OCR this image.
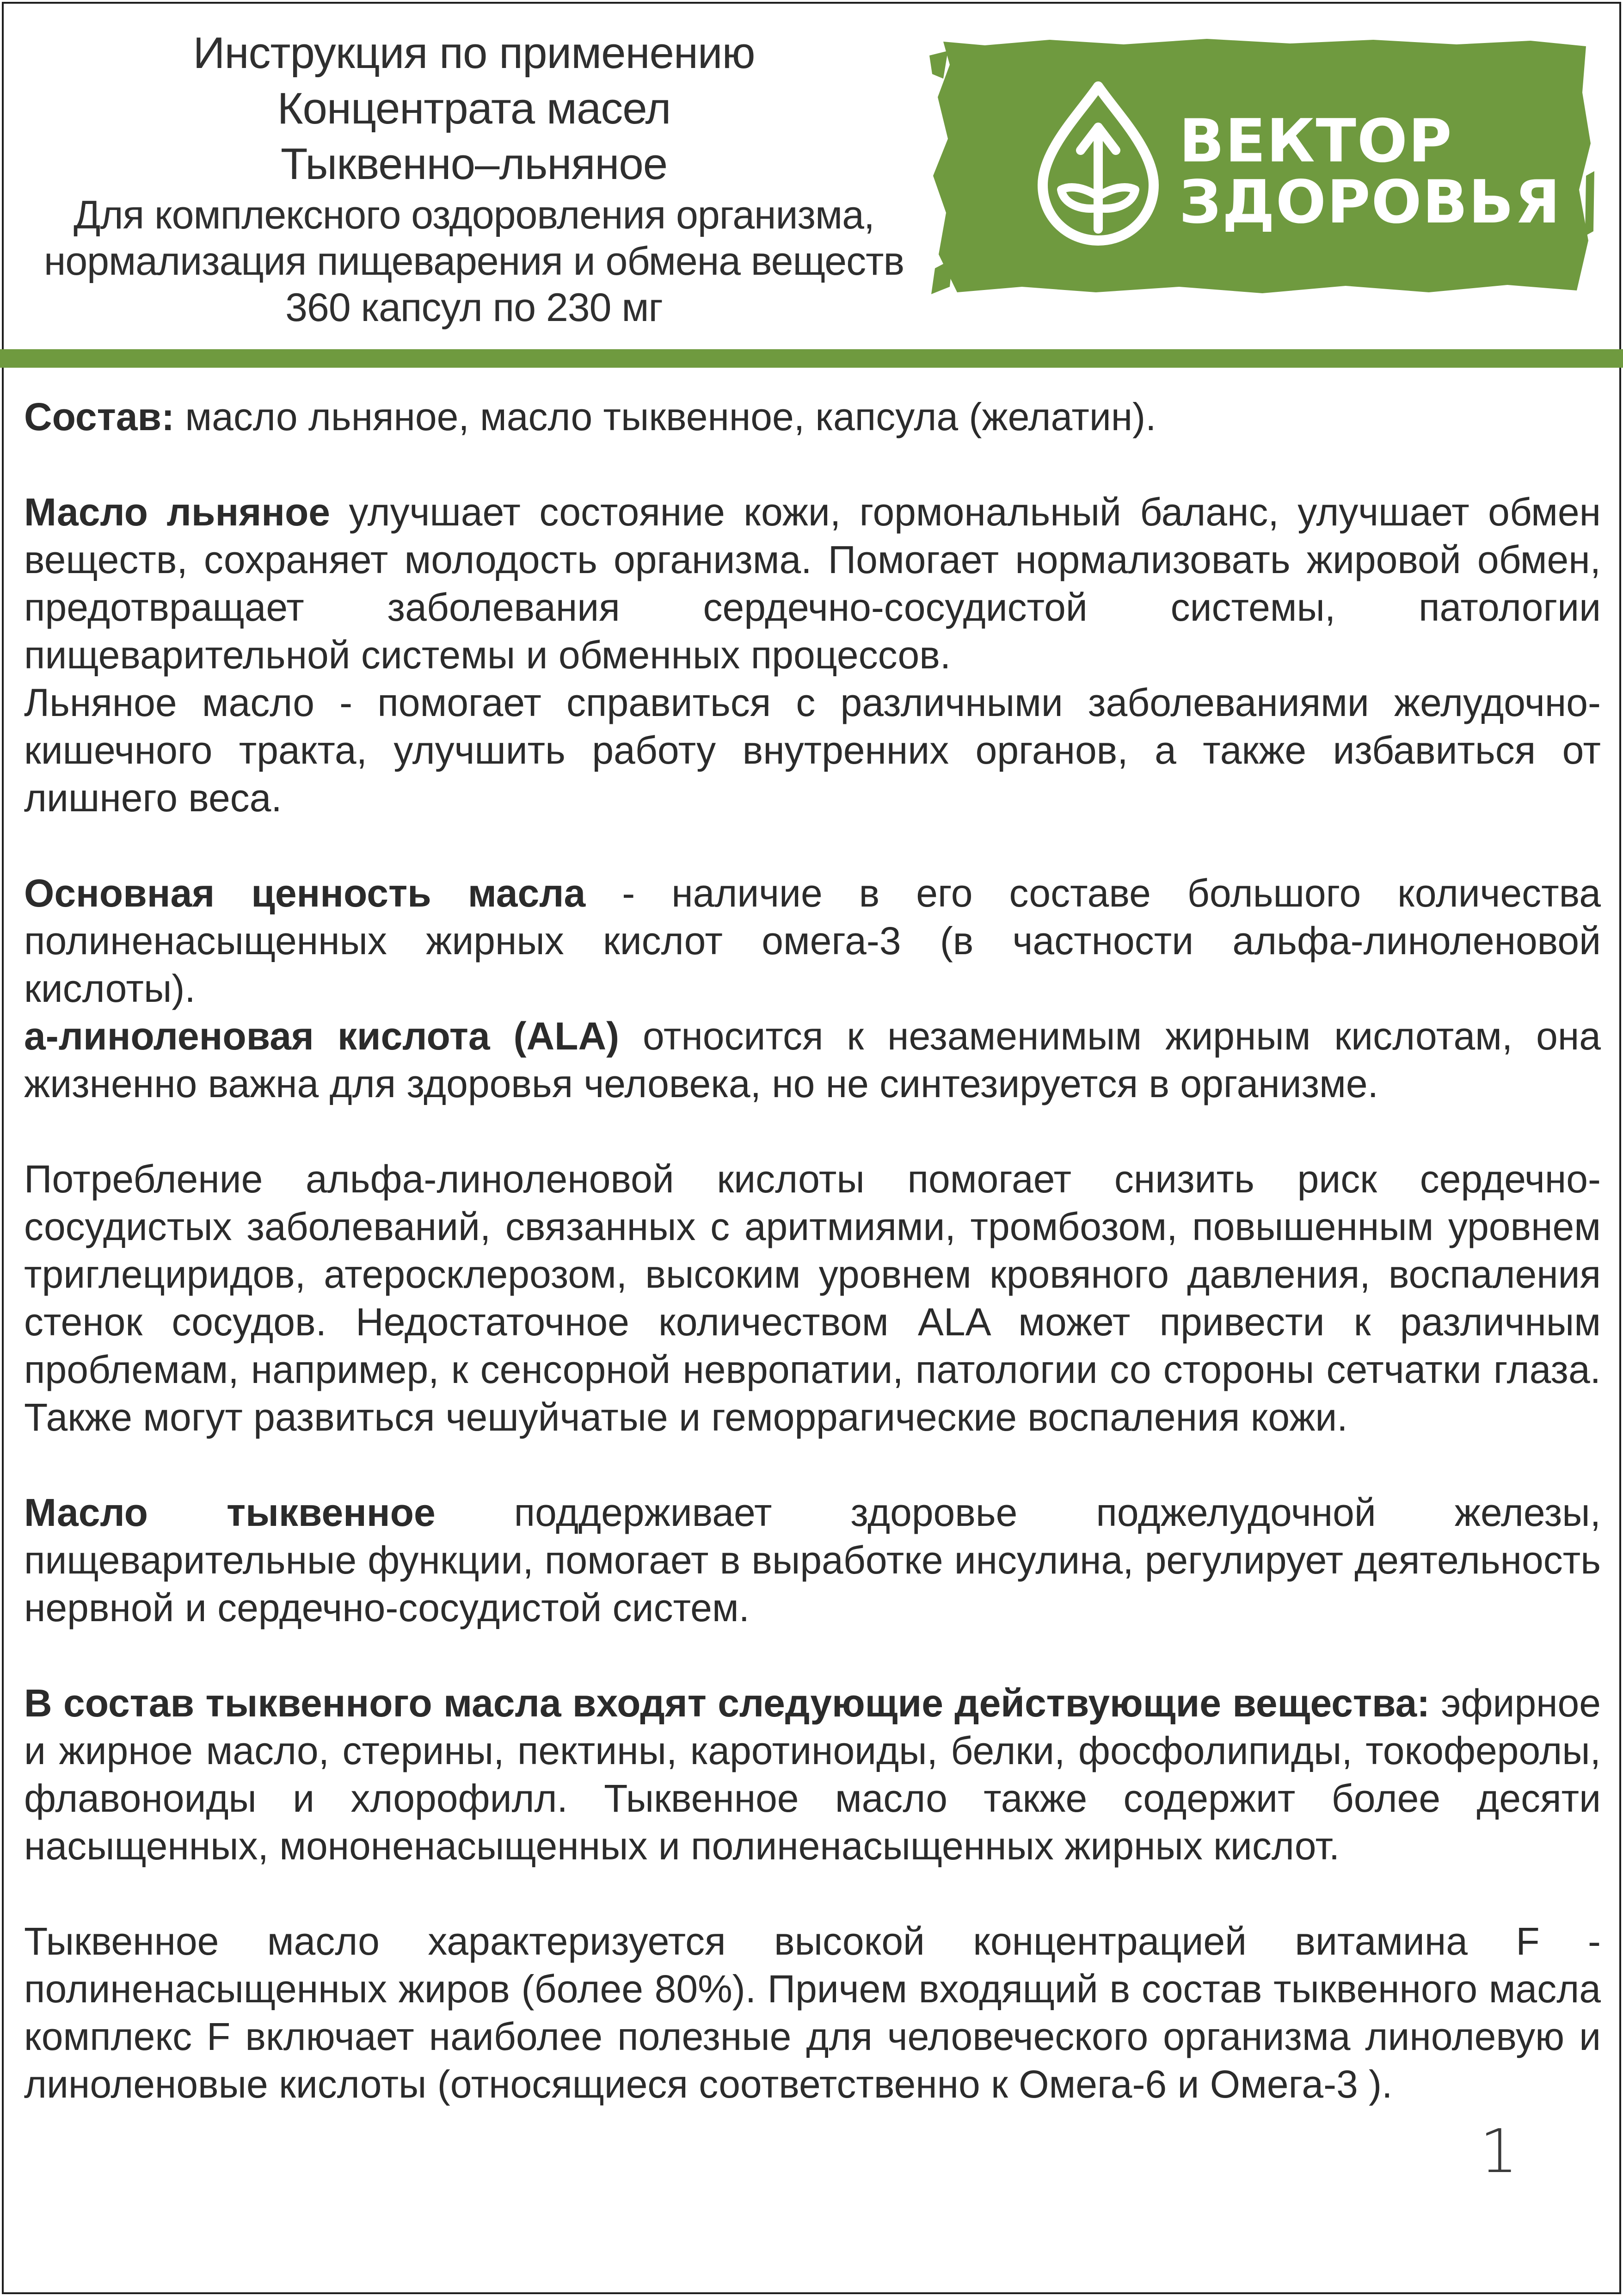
Инструкция по применению
Концентрата масел
Тыквенно–льняное
Для комплексного оздоровления организма,
нормализация пищеварения и обмена веществ
360 капсул по 230 мг
ВЕКТОР
ЗДОРОВЬЯ

Состав: масло льняное, масло тыквенное, капсула (желатин).

Масло льняное улучшает состояние кожи, гормональный баланс, улучшает обмен веществ, сохраняет молодость организма. Помогает нормализовать жировой обмен, предотвращает заболевания сердечно-сосудистой системы, патологии пищеварительной системы и обменных процессов.

Льняное масло - помогает справиться с различными заболеваниями желудочно-кишечного тракта, улучшить работу внутренних органов, а также избавиться от лишнего веса.

Основная ценность масла - наличие в его составе большого количества полиненасыщенных жирных кислот омега-3 (в частности альфа-линоленовой кислоты).

а-линоленовая кислота (ALA) относится к незаменимым жирным кислотам, она жизненно важна для здоровья человека, но не синтезируется в организме.

Потребление альфа-линоленовой кислоты помогает снизить риск сердечно-сосудистых заболеваний, связанных с аритмиями, тромбозом, повышенным уровнем триглециридов, атеросклерозом, высоким уровнем кровяного давления, воспаления стенок сосудов. Недостаточное количеством ALA может привести к различным проблемам, например, к сенсорной невропатии, патологии со стороны сетчатки глаза. Также могут развиться чешуйчатые и геморрагические воспаления кожи.

Масло тыквенное поддерживает здоровье поджелудочной железы, пищеварительные функции, помогает в выработке инсулина, регулирует деятельность нервной и сердечно-сосудистой систем.

В состав тыквенного масла входят следующие действующие вещества: эфирное и жирное масло, стерины, пектины, каротиноиды, белки, фосфолипиды, токоферолы, флавоноиды и хлорофилл. Тыквенное масло также содержит более десяти насыщенных, мононенасыщенных и полиненасыщенных жирных кислот.

Тыквенное масло характеризуется высокой концентрацией витамина F - полиненасыщенных жиров (более 80%). Причем входящий в состав тыквенного масла комплекс F включает наиболее полезные для человеческого организма линолевую и линоленовые кислоты (относящиеся соответственно к Омега-6 и Омега-3 ).

1
